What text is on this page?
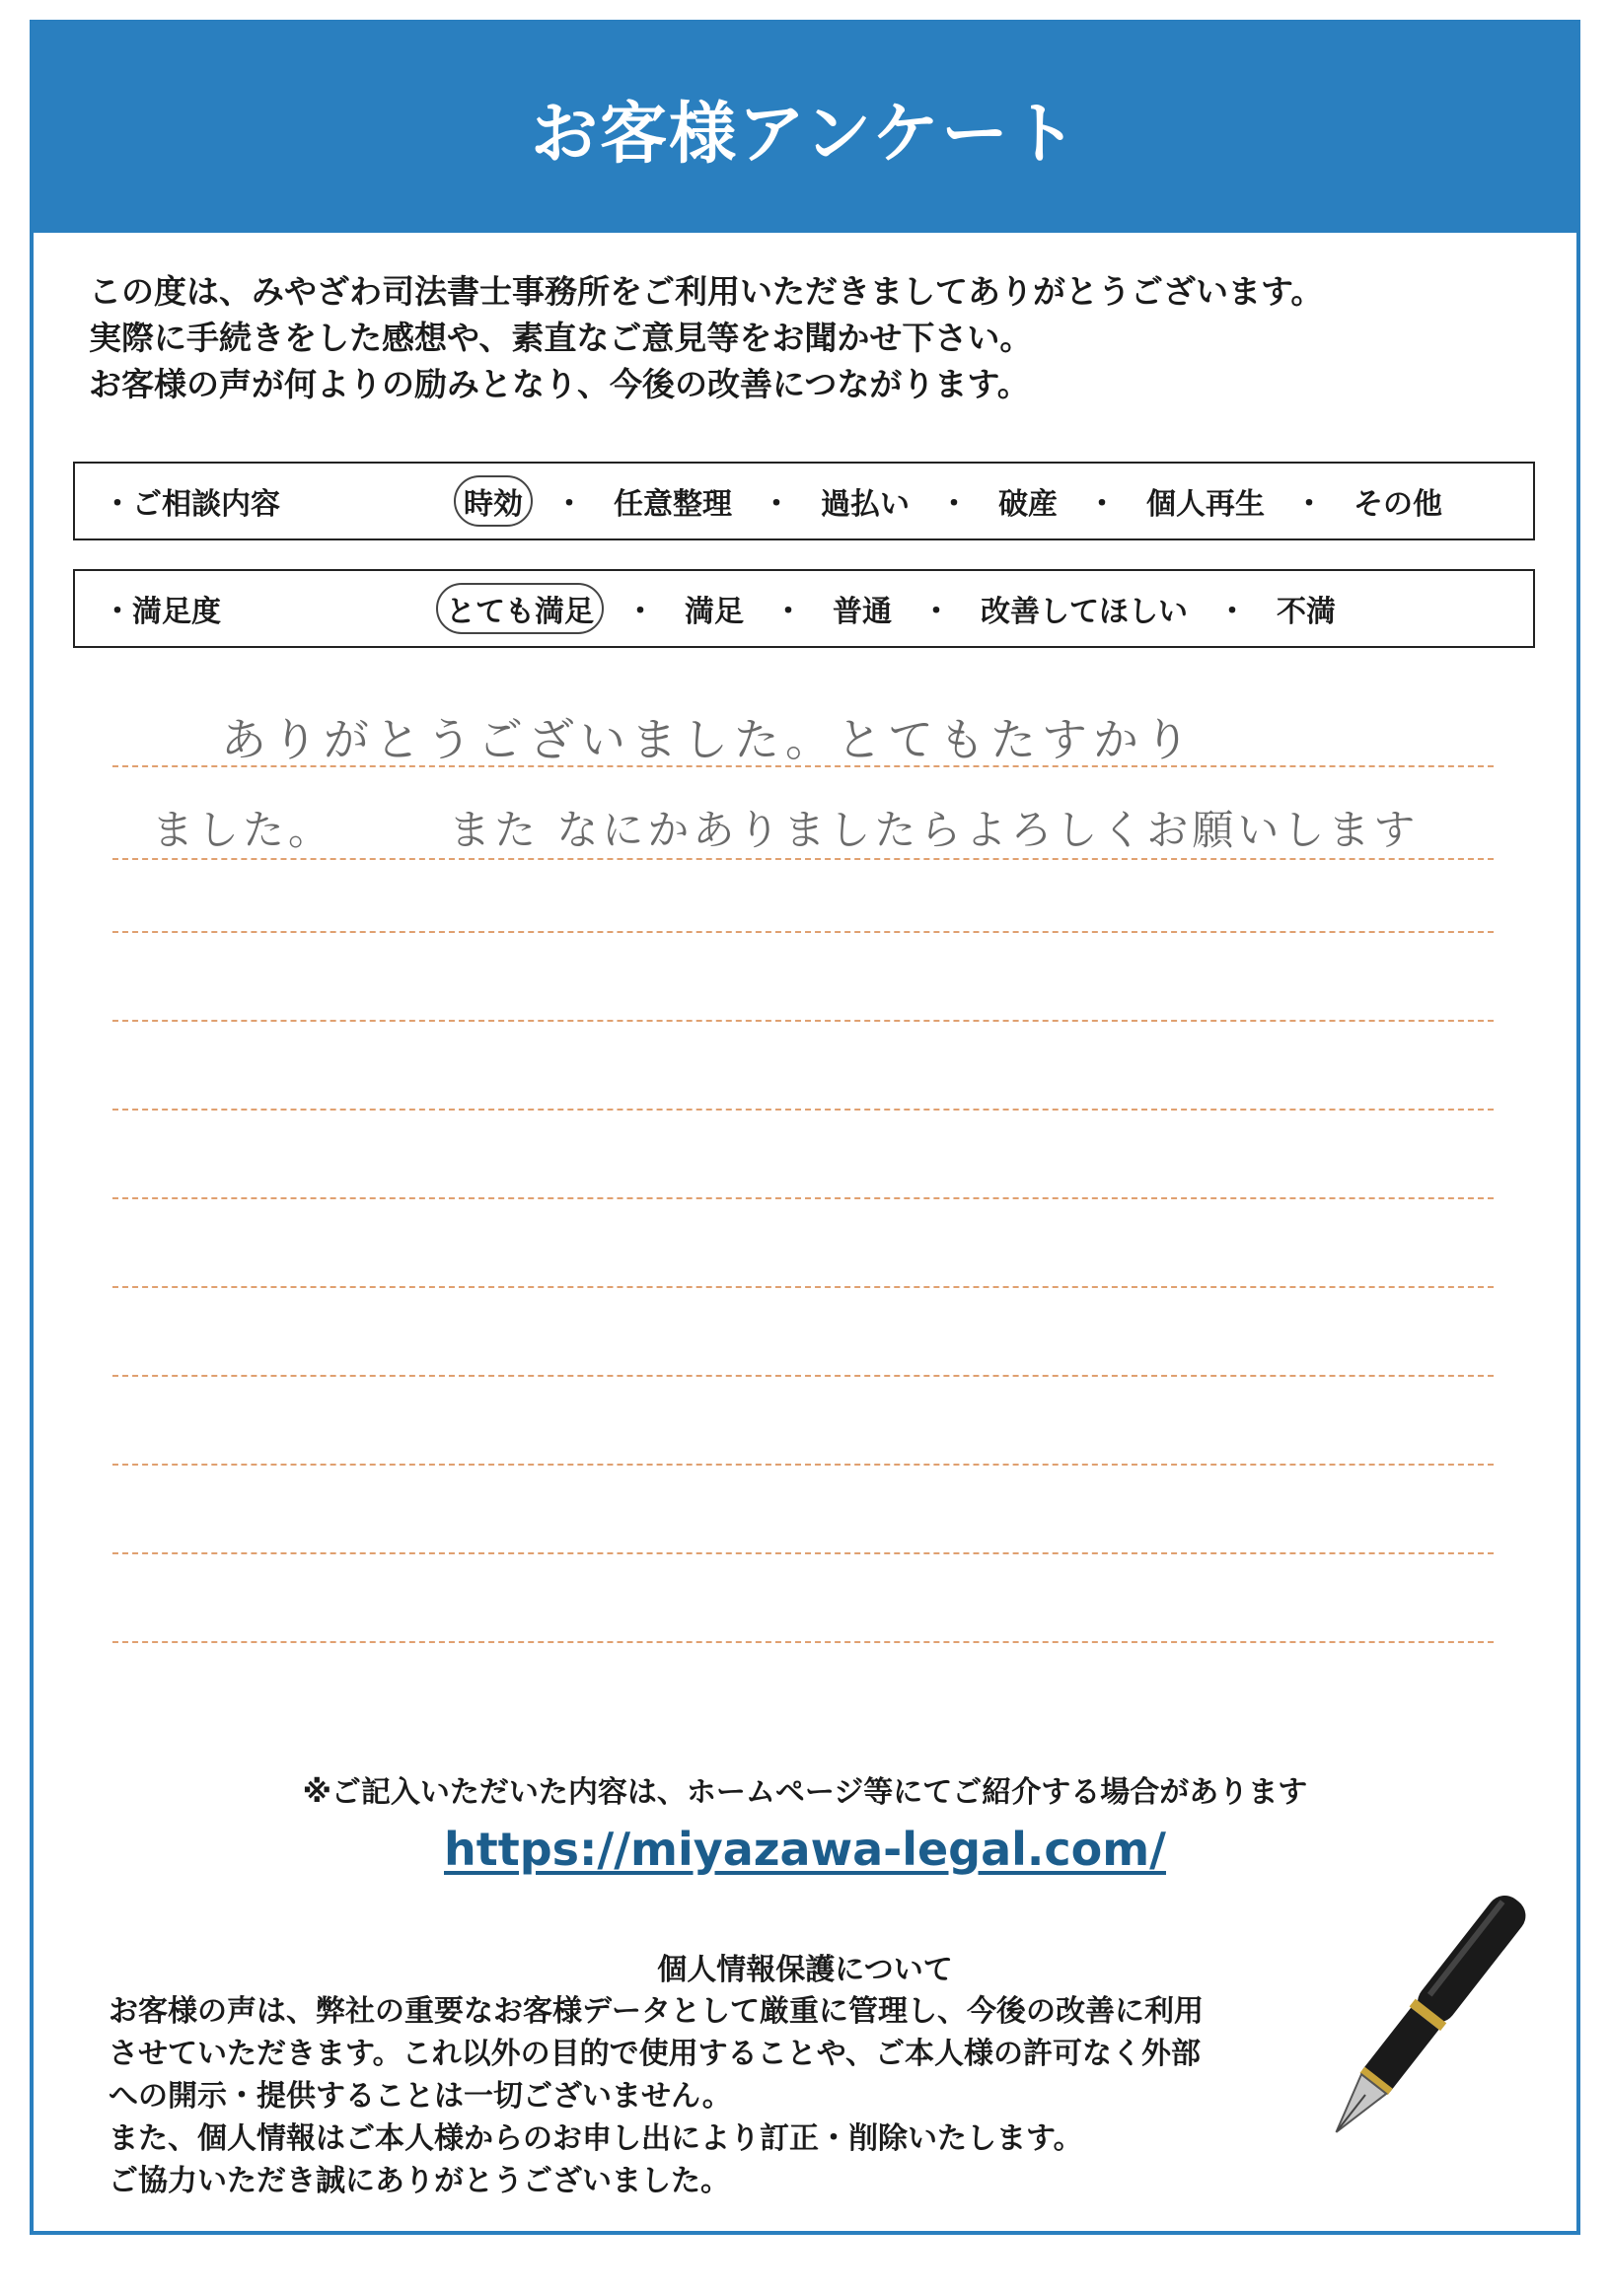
お客様アンケート

この度は、みやざわ司法書士事務所をご利用いただきましてありがとうございます。

実際に手続きをした感想や、素直なご意見等をお聞かせ下さい。

お客様の声が何よりの励みとなり、今後の改善につながります。

・ご相談内容	時効	・	任意整理	・	過払い	・	破産	・	個人再生	・	その他
・満足度	とても満足	・	満足	・	普通	・	改善してほしい	・	不満
ありがとうございました。とてもたすかり
ました。　　　また なにかありましたらよろしくお願いします
※ご記入いただいた内容は、ホームページ等にてご紹介する場合があります
https://miyazawa-legal.com/
個人情報保護について

お客様の声は、弊社の重要なお客様データとして厳重に管理し、今後の改善に利用

させていただきます。これ以外の目的で使用することや、ご本人様の許可なく外部

への開示・提供することは一切ございません。

また、個人情報はご本人様からのお申し出により訂正・削除いたします。

ご協力いただき誠にありがとうございました。
